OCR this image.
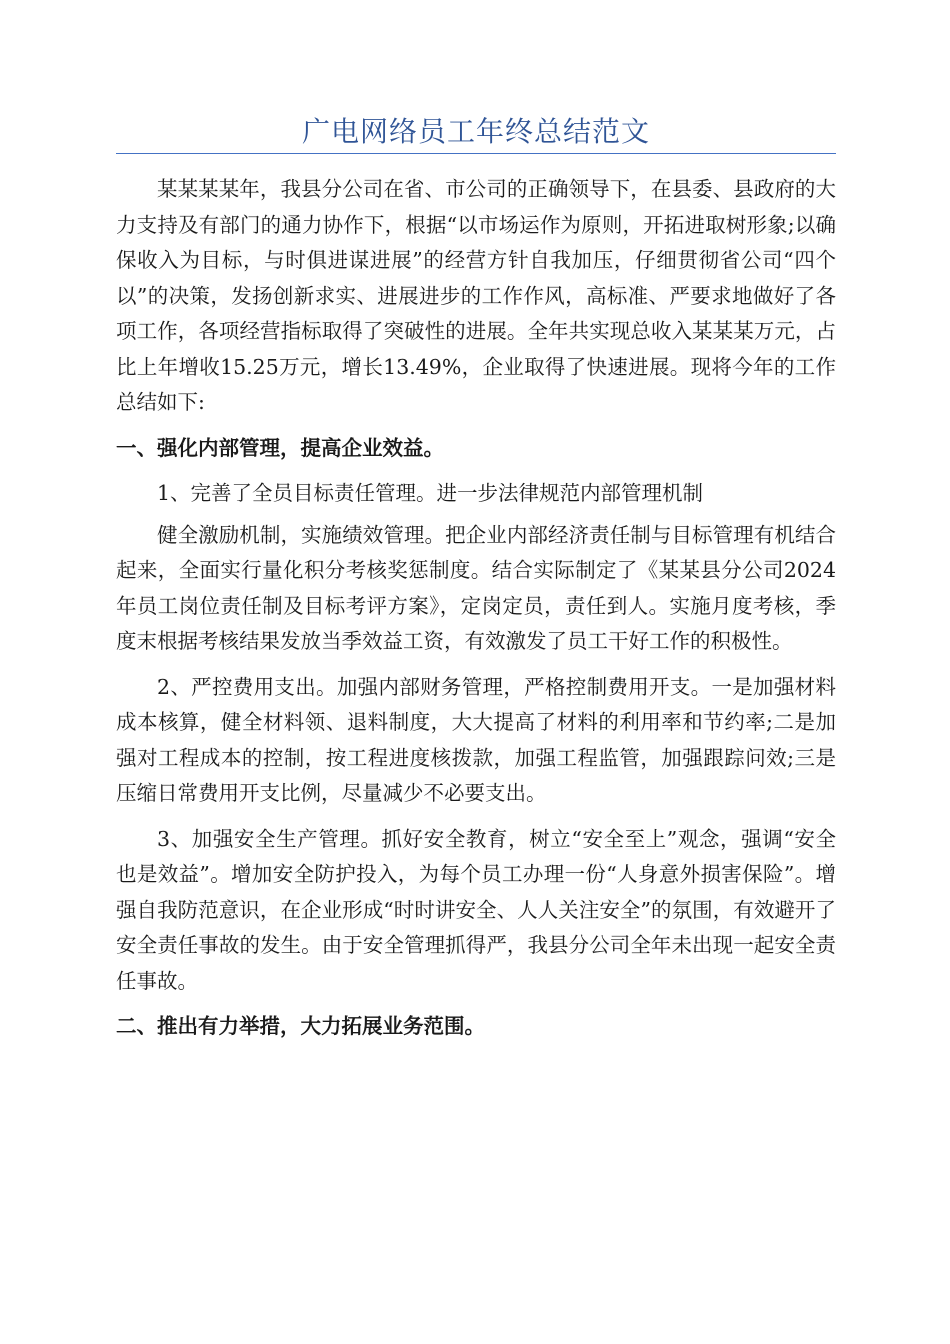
广电网络员工年终总结范文

某某某某年，我县分公司在省、市公司的正确领导下，在县委、县政府的大力支持及有部门的通力协作下，根据“以市场运作为原则，开拓进取树形象;以确保收入为目标，与时俱进谋进展”的经营方针自我加压，仔细贯彻省公司“四个以”的决策，发扬创新求实、进展进步的工作作风，高标准、严要求地做好了各项工作，各项经营指标取得了突破性的进展。全年共实现总收入某某某万元，占比上年增收15.25万元，增长13.49%，企业取得了快速进展。现将今年的工作总结如下:

一、强化内部管理，提高企业效益。

1、完善了全员目标责任管理。进一步法律规范内部管理机制

健全激励机制，实施绩效管理。把企业内部经济责任制与目标管理有机结合起来，全面实行量化积分考核奖惩制度。结合实际制定了《某某县分公司2024年员工岗位责任制及目标考评方案》，定岗定员，责任到人。实施月度考核，季度末根据考核结果发放当季效益工资，有效激发了员工干好工作的积极性。

2、严控费用支出。加强内部财务管理，严格控制费用开支。一是加强材料成本核算，健全材料领、退料制度，大大提高了材料的利用率和节约率;二是加强对工程成本的控制，按工程进度核拨款，加强工程监管，加强跟踪问效;三是压缩日常费用开支比例，尽量减少不必要支出。

3、加强安全生产管理。抓好安全教育，树立“安全至上”观念，强调“安全也是效益”。增加安全防护投入，为每个员工办理一份“人身意外损害保险”。增强自我防范意识，在企业形成“时时讲安全、人人关注安全”的氛围，有效避开了安全责任事故的发生。由于安全管理抓得严，我县分公司全年未出现一起安全责任事故。

二、推出有力举措，大力拓展业务范围。
